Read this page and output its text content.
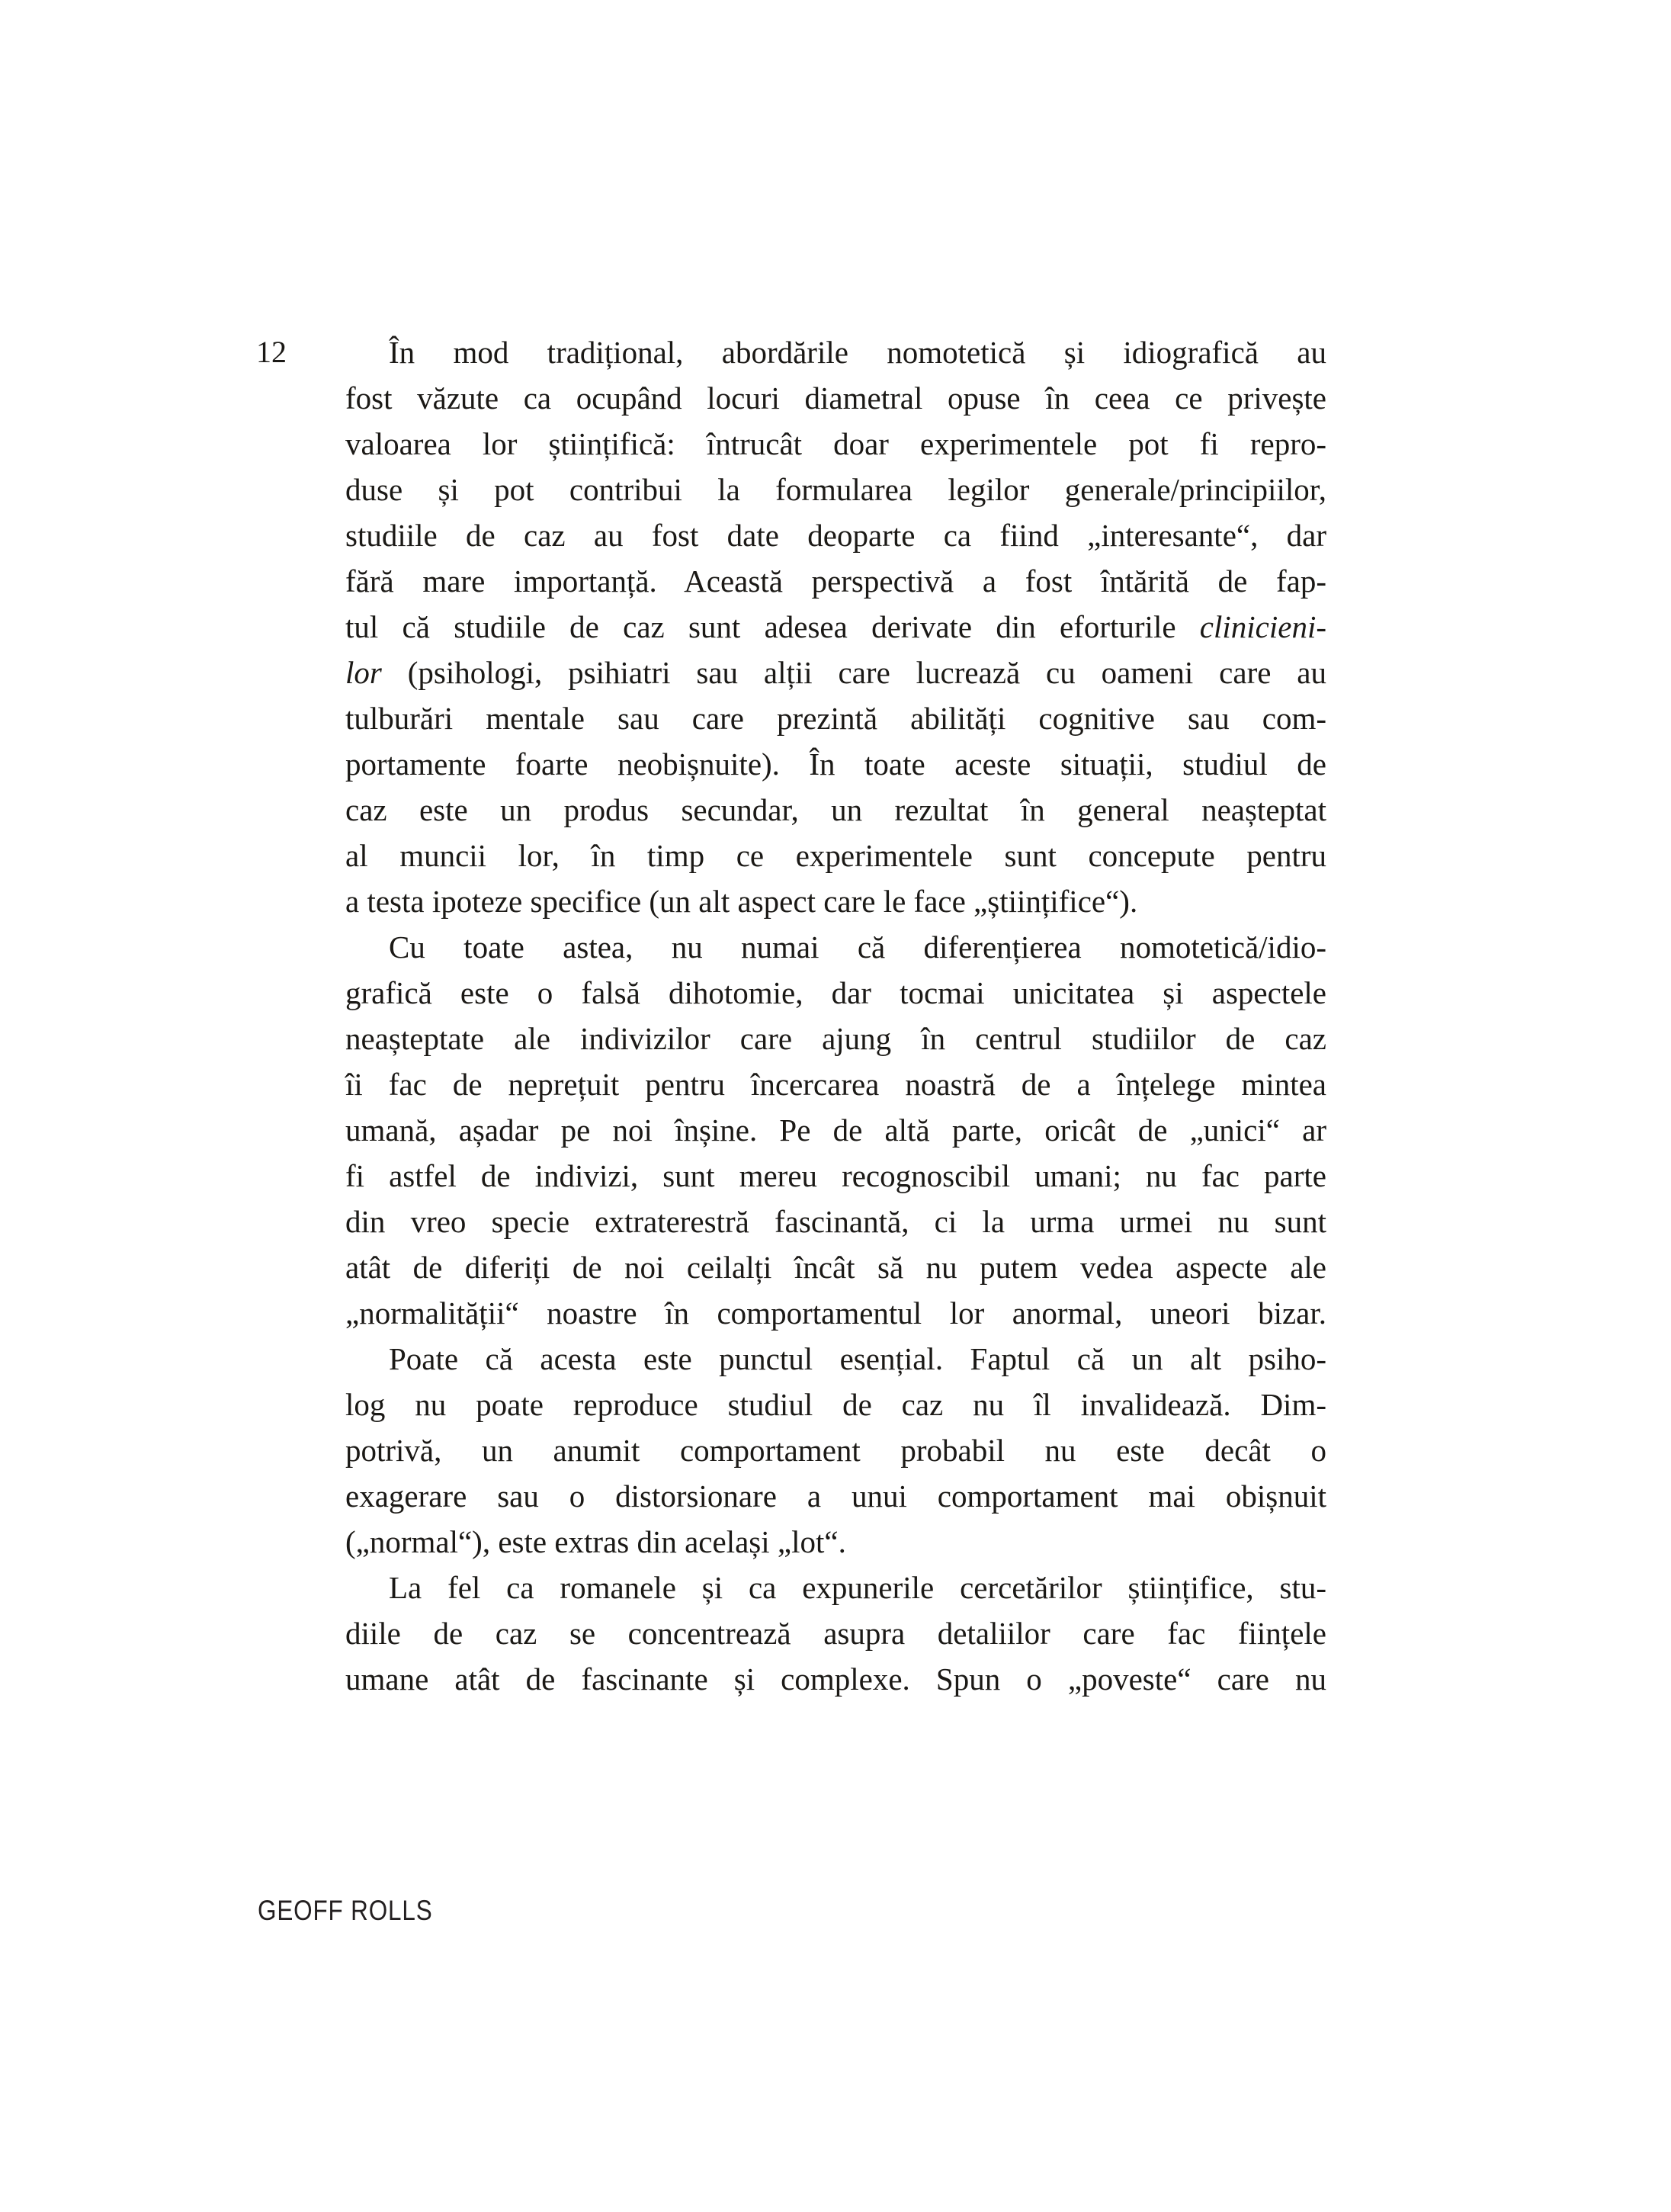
12	În mod tradițional, abordările nomotetică și idiografică au
fost văzute ca ocupând locuri diametral opuse în ceea ce privește
valoarea lor științifică: întrucât doar experimentele pot fi repro-
duse și pot contribui la formularea legilor generale/principiilor,
studiile de caz au fost date deoparte ca fiind „interesante“, dar
fără mare importanță. Această perspectivă a fost întărită de fap-
tul că studiile de caz sunt adesea derivate din eforturile clinicieni-
lor (psihologi, psihiatri sau alții care lucrează cu oameni care au
tulburări mentale sau care prezintă abilități cognitive sau com-
portamente foarte neobișnuite). În toate aceste situații, studiul de
caz este un produs secundar, un rezultat în general neașteptat
al muncii lor, în timp ce experimentele sunt concepute pentru
a testa ipoteze specifice (un alt aspect care le face „științifice“).
Cu toate astea, nu numai că diferențierea nomotetică/idio-
grafică este o falsă dihotomie, dar tocmai unicitatea și aspectele
neașteptate ale indivizilor care ajung în centrul studiilor de caz
îi fac de neprețuit pentru încercarea noastră de a înțelege mintea
umană, așadar pe noi înșine. Pe de altă parte, oricât de „unici“ ar
fi astfel de indivizi, sunt mereu recognoscibil umani; nu fac parte
din vreo specie extraterestră fascinantă, ci la urma urmei nu sunt
atât de diferiți de noi ceilalți încât să nu putem vedea aspecte ale
„normalității“ noastre în comportamentul lor anormal, uneori bizar.
Poate că acesta este punctul esențial. Faptul că un alt psiho-
log nu poate reproduce studiul de caz nu îl invalidează. Dim-
potrivă, un anumit comportament probabil nu este decât o
exagerare sau o distorsionare a unui comportament mai obișnuit
(„normal“), este extras din același „lot“.
La fel ca romanele și ca expunerile cercetărilor științifice, stu-
diile de caz se concentrează asupra detaliilor care fac ființele
umane atât de fascinante și complexe. Spun o „poveste“ care nu
GEOFF ROLLS
